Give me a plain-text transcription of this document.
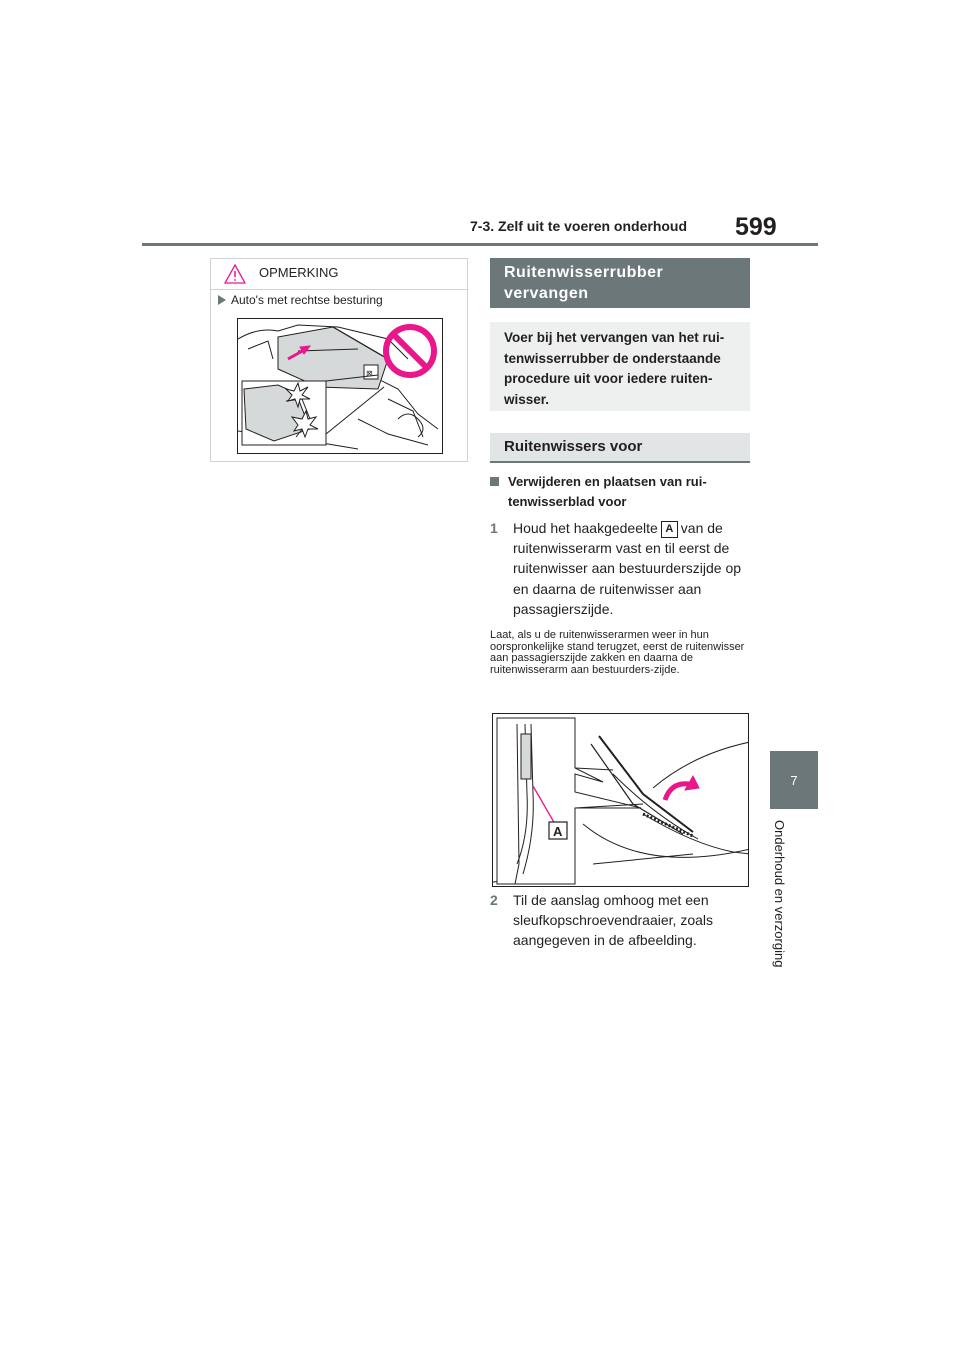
7-3. Zelf uit te voeren onderhoud 599
7
Onderhoud en verzorging
OPMERKING
Auto's met rechtse besturing
⊠
Ruitenwisserrubber vervangen
Voer bij het vervangen van het rui-tenwisserrubber de onderstaande procedure uit voor iedere ruiten-wisser.
Ruitenwissers voor
Verwijderen en plaatsen van rui-tenwisserblad voor
1 Houd het haakgedeelte A van de ruitenwisserarm vast en til eerst de ruitenwisser aan bestuurderszijde op en daarna de ruitenwisser aan passagierszijde.
Laat, als u de ruitenwisserarmen weer in hun oorspronkelijke stand terugzet, eerst de ruitenwisser aan passagierszijde zakken en daarna de ruitenwisserarm aan bestuurders-zijde.
A
2 Til de aanslag omhoog met een sleufkopschroevendraaier, zoals aangegeven in de afbeelding.
